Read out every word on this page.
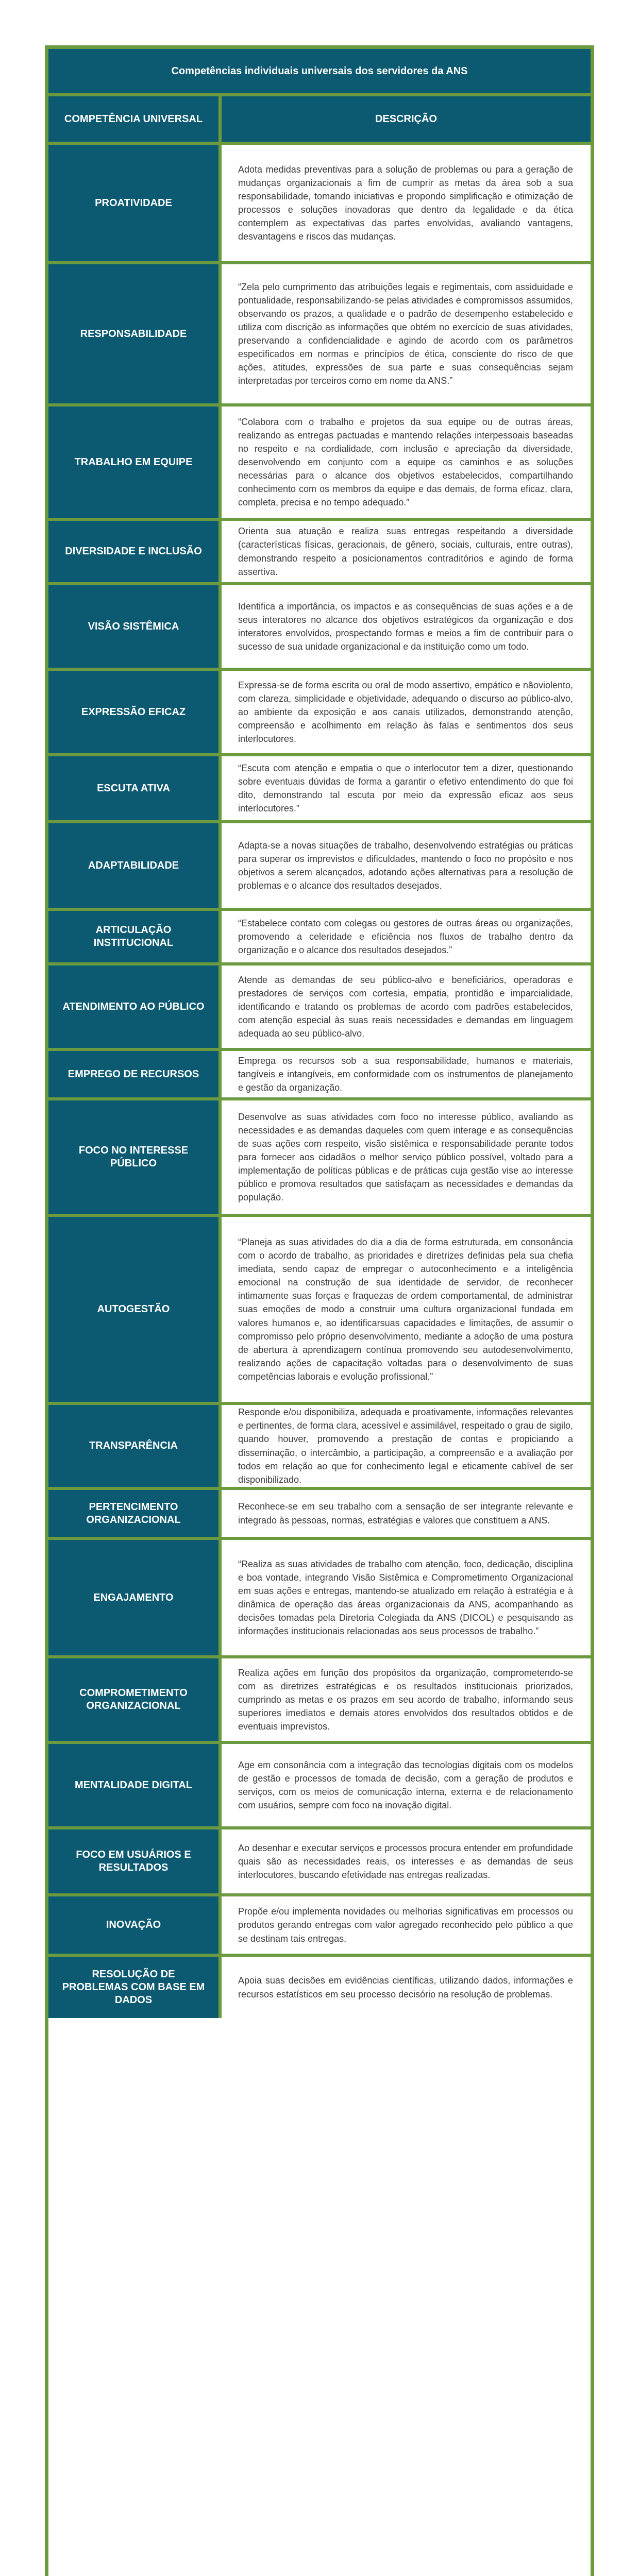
Competências individuais universais dos servidores da ANS
COMPETÊNCIA UNIVERSAL	DESCRIÇÃO
PROATIVIDADE
Adota medidas preventivas para a solução de problemas ou para a geração de mudanças organizacionais a fim de cumprir as metas da área sob a sua responsabilidade, tomando iniciativas e propondo simplificação e otimização de processos e soluções inovadoras que dentro da legalidade e da ética contemplem as expectativas das partes envolvidas, avaliando vantagens, desvantagens e riscos das mudanças.
RESPONSABILIDADE
“Zela pelo cumprimento das atribuições legais e regimentais, com assiduidade e pontualidade, responsabilizando-se pelas atividades e compromissos assumidos, observando os prazos, a qualidade e o padrão de desempenho estabelecido e utiliza com discrição as informações que obtém no exercício de suas atividades, preservando a confidencialidade e agindo de acordo com os parâmetros especificados em normas e princípios de ética, consciente do risco de que ações, atitudes, expressões de sua parte e suas consequências sejam interpretadas por terceiros como em nome da ANS.”
TRABALHO EM EQUIPE
“Colabora com o trabalho e projetos da sua equipe ou de outras áreas, realizando as entregas pactuadas e mantendo relações interpessoais baseadas no respeito e na cordialidade, com inclusão e apreciação da diversidade, desenvolvendo em conjunto com a equipe os caminhos e as soluções necessárias para o alcance dos objetivos estabelecidos, compartilhando conhecimento com os membros da equipe e das demais, de forma eficaz, clara, completa, precisa e no tempo adequado.”
DIVERSIDADE E INCLUSÃO
Orienta sua atuação e realiza suas entregas respeitando a diversidade (características físicas, geracionais, de gênero, sociais, culturais, entre outras), demonstrando respeito a posicionamentos contraditórios e agindo de forma assertiva.
VISÃO SISTÊMICA
Identifica a importância, os impactos e as consequências de suas ações e a de seus interatores no alcance dos objetivos estratégicos da organização e dos interatores envolvidos, prospectando formas e meios a fim de contribuir para o sucesso de sua unidade organizacional e da instituição como um todo.
EXPRESSÃO EFICAZ
Expressa-se de forma escrita ou oral de modo assertivo, empático e nãoviolento, com clareza, simplicidade e objetividade, adequando o discurso ao público-alvo, ao ambiente da exposição e aos canais utilizados, demonstrando atenção, compreensão e acolhimento em relação às falas e sentimentos dos seus interlocutores.
ESCUTA ATIVA
“Escuta com atenção e empatia o que o interlocutor tem a dizer, questionando sobre eventuais dúvidas de forma a garantir o efetivo entendimento do que foi dito, demonstrando tal escuta por meio da expressão eficaz aos seus interlocutores.”
ADAPTABILIDADE
Adapta-se a novas situações de trabalho, desenvolvendo estratégias ou práticas para superar os imprevistos e dificuldades, mantendo o foco no propósito e nos objetivos a serem alcançados, adotando ações alternativas para a resolução de problemas e o alcance dos resultados desejados.
ARTICULAÇÃO INSTITUCIONAL
“Estabelece contato com colegas ou gestores de outras áreas ou organizações, promovendo a celeridade e eficiência nos fluxos de trabalho dentro da organização e o alcance dos resultados desejados.”
ATENDIMENTO AO PÚBLICO
Atende as demandas de seu público-alvo e beneficiários, operadoras e prestadores de serviços com cortesia, empatia, prontidão e imparcialidade, identificando e tratando os problemas de acordo com padrões estabelecidos, com atenção especial às suas reais necessidades e demandas em linguagem adequada ao seu público-alvo.
EMPREGO DE RECURSOS
Emprega os recursos sob a sua responsabilidade, humanos e materiais, tangíveis e intangíveis, em conformidade com os instrumentos de planejamento e gestão da organização.
FOCO NO INTERESSE PÚBLICO
Desenvolve as suas atividades com foco no interesse público, avaliando as necessidades e as demandas daqueles com quem interage e as consequências de suas ações com respeito, visão sistêmica e responsabilidade perante todos para fornecer aos cidadãos o melhor serviço público possível, voltado para a implementação de políticas públicas e de práticas cuja gestão vise ao interesse público e promova resultados que satisfaçam as necessidades e demandas da população.
AUTOGESTÃO
“Planeja as suas atividades do dia a dia de forma estruturada, em consonância com o acordo de trabalho, as prioridades e diretrizes definidas pela sua chefia imediata, sendo capaz de empregar o autoconhecimento e a inteligência emocional na construção de sua identidade de servidor, de reconhecer intimamente suas forças e fraquezas de ordem comportamental, de administrar suas emoções de modo a construir uma cultura organizacional fundada em valores humanos e, ao identificarsuas capacidades e limitações, de assumir o compromisso pelo próprio desenvolvimento, mediante a adoção de uma postura de abertura à aprendizagem contínua promovendo seu autodesenvolvimento, realizando ações de capacitação voltadas para o desenvolvimento de suas competências laborais e evolução profissional.”
TRANSPARÊNCIA
Responde e/ou disponibiliza, adequada e proativamente, informações relevantes e pertinentes, de forma clara, acessível e assimilável, respeitado o grau de sigilo, quando houver, promovendo a prestação de contas e propiciando a disseminação, o intercâmbio, a participação, a compreensão e a avaliação por todos em relação ao que for conhecimento legal e eticamente cabível de ser disponibilizado.
PERTENCIMENTO ORGANIZACIONAL
Reconhece-se em seu trabalho com a sensação de ser integrante relevante e integrado às pessoas, normas, estratégias e valores que constituem a ANS.
ENGAJAMENTO
“Realiza as suas atividades de trabalho com atenção, foco, dedicação, disciplina e boa vontade, integrando Visão Sistêmica e Comprometimento Organizacional em suas ações e entregas, mantendo-se atualizado em relação à estratégia e à dinâmica de operação das áreas organizacionais da ANS, acompanhando as decisões tomadas pela Diretoria Colegiada da ANS (DICOL) e pesquisando as informações institucionais relacionadas aos seus processos de trabalho.”
COMPROMETIMENTO ORGANIZACIONAL
Realiza ações em função dos propósitos da organização, comprometendo-se com as diretrizes estratégicas e os resultados institucionais priorizados, cumprindo as metas e os prazos em seu acordo de trabalho, informando seus superiores imediatos e demais atores envolvidos dos resultados obtidos e de eventuais imprevistos.
MENTALIDADE DIGITAL
Age em consonância com a integração das tecnologias digitais com os modelos de gestão e processos de tomada de decisão, com a geração de produtos e serviços, com os meios de comunicação interna, externa e de relacionamento com usuários, sempre com foco na inovação digital.
FOCO EM USUÁRIOS E RESULTADOS
Ao desenhar e executar serviços e processos procura entender em profundidade quais são as necessidades reais, os interesses e as demandas de seus interlocutores, buscando efetividade nas entregas realizadas.
INOVAÇÃO
Propõe e/ou implementa novidades ou melhorias significativas em processos ou produtos gerando entregas com valor agregado reconhecido pelo público a que se destinam tais entregas.
RESOLUÇÃO DE PROBLEMAS COM BASE EM DADOS
Apoia suas decisões em evidências científicas, utilizando dados, informações e recursos estatísticos em seu processo decisório na resolução de problemas.
